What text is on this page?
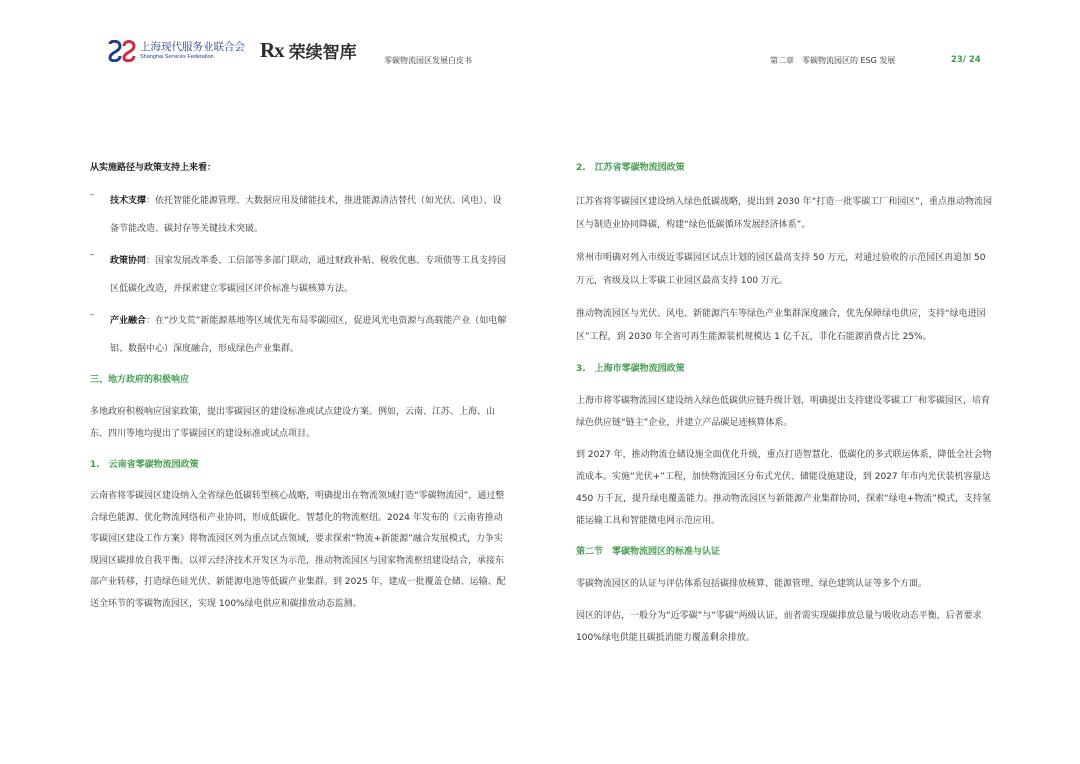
上海现代服务业联合会
Shanghai Services Federation	Rx 荣续智库	零碳物流园区发展白皮书	第二章　零碳物流园区的 ESG 发展	23/ 24

从实施路径与政策支持上来看：

–
技术支撑：依托智能化能源管理、大数据应用及储能技术，推进能源清洁替代（如光伏、风电）、设备节能改造、碳封存等关键技术突破。
–
政策协同：国家发展改革委、工信部等多部门联动，通过财政补贴、税收优惠、专项债等工具支持园区低碳化改造，并探索建立零碳园区评价标准与碳核算方法。
–
产业融合：在“沙戈荒”新能源基地等区域优先布局零碳园区，促进风光电资源与高载能产业（如电解铝、数据中心）深度融合，形成绿色产业集群。

三、地方政府的积极响应

多地政府积极响应国家政策，提出零碳园区的建设标准或试点建设方案。例如，云南、江苏、上海、山东、四川等地均提出了零碳园区的建设标准或试点项目。

1.　云南省零碳物流园政策

云南省将零碳园区建设纳入全省绿色低碳转型核心战略，明确提出在物流领域打造“零碳物流园”，通过整合绿色能源、优化物流网络和产业协同，形成低碳化、智慧化的物流枢纽。2024 年发布的《云南省推动零碳园区建设工作方案》将物流园区列为重点试点领域，要求探索“物流+新能源”融合发展模式，力争实现园区碳排放自我平衡。以祥云经济技术开发区为示范，推动物流园区与国家物流枢纽建设结合，承接东部产业转移，打造绿色硅光伏、新能源电池等低碳产业集群。到 2025 年，建成一批覆盖仓储、运输、配送全环节的零碳物流园区，实现 100%绿电供应和碳排放动态监测。

2.　江苏省零碳物流园政策

江苏省将零碳园区建设纳入绿色低碳战略，提出到 2030 年“打造一批零碳工厂和园区”，重点推动物流园区与制造业协同降碳，构建“绿色低碳循环发展经济体系”。

常州市明确对列入市级近零碳园区试点计划的园区最高支持 50 万元，对通过验收的示范园区再追加 50 万元，省级及以上零碳工业园区最高支持 100 万元。

推动物流园区与光伏、风电、新能源汽车等绿色产业集群深度融合，优先保障绿电供应，支持“绿电进园区”工程，到 2030 年全省可再生能源装机规模达 1 亿千瓦，非化石能源消费占比 25%。

3.　上海市零碳物流园政策

上海市将零碳物流园区建设纳入绿色低碳供应链升级计划，明确提出支持建设零碳工厂和零碳园区，培育绿色供应链“链主”企业，并建立产品碳足迹核算体系。

到 2027 年，推动物流仓储设施全面优化升级，重点打造智慧化、低碳化的多式联运体系，降低全社会物流成本。实施“光伏+”工程，加快物流园区分布式光伏、储能设施建设，到 2027 年市内光伏装机容量达 450 万千瓦，提升绿电覆盖能力。推动物流园区与新能源产业集群协同，探索“绿电+物流”模式，支持氢能运输工具和智能微电网示范应用。

第二节　零碳物流园区的标准与认证

零碳物流园区的认证与评估体系包括碳排放核算、能源管理、绿色建筑认证等多个方面。

园区的评估，一般分为“近零碳”与“零碳”两级认证，前者需实现碳排放总量与吸收动态平衡，后者要求 100%绿电供能且碳抵消能力覆盖剩余排放。
